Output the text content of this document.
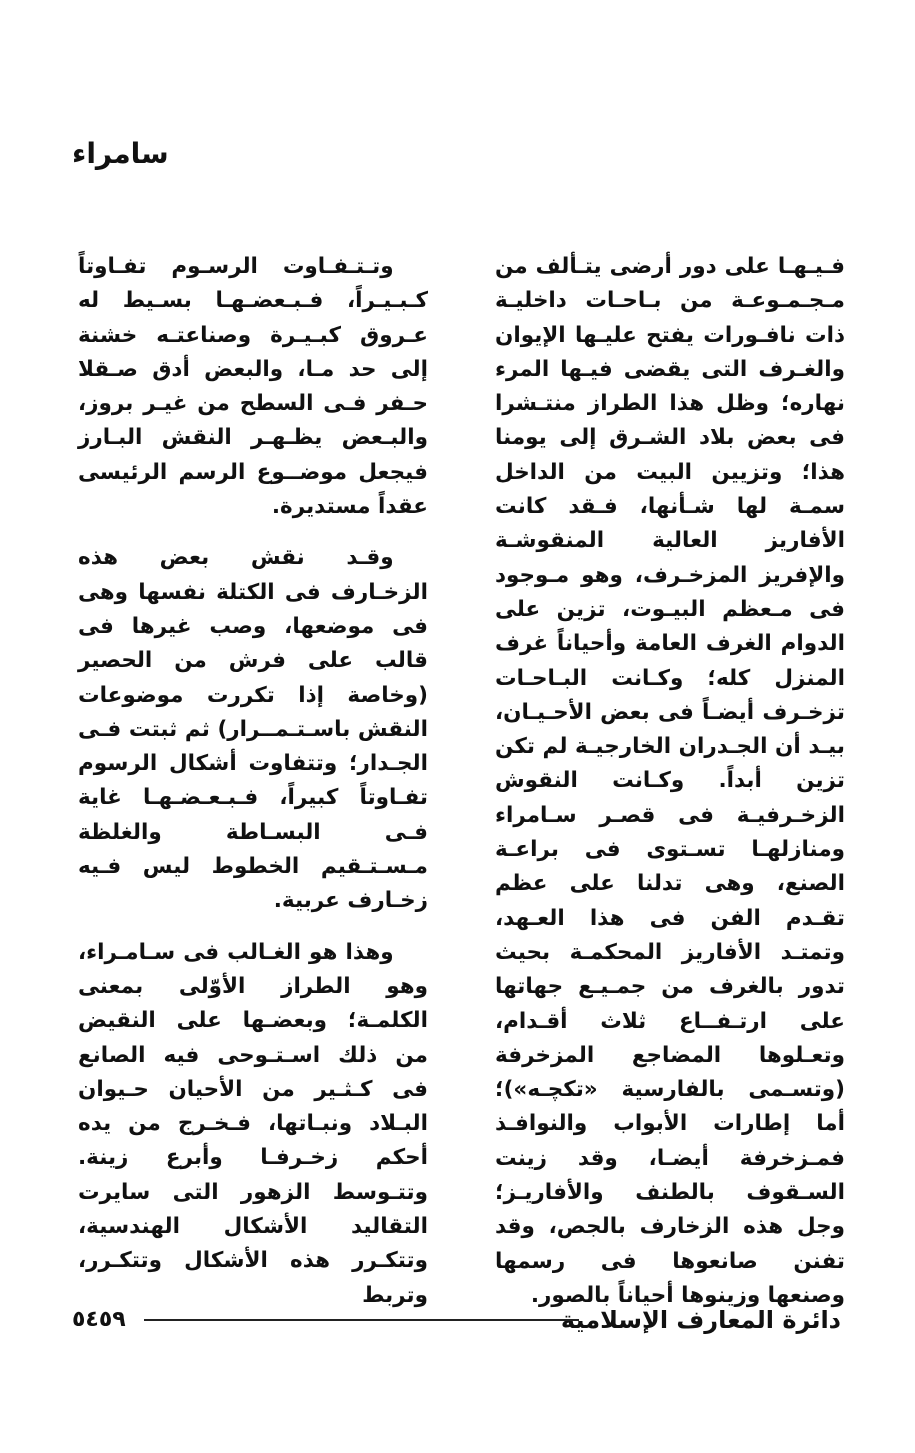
سامراء

فـيـهـا على دور أرضى يتـألف من مـجـمـوعـة من بـاحـات داخليـة ذات نافـورات يفتح عليـها الإيوان والغـرف التى يقضى فيـها المرء نهاره؛ وظل هذا الطراز منتـشرا فى بعض بلاد الشـرق إلى يومنا هذا؛ وتزيين البيت من الداخل سمـة لها شـأنها، فـقد كانت الأفاريز العالية المنقوشـة والإفريز المزخـرف، وهو مـوجود فى مـعظم البيـوت، تزين على الدوام الغرف العامة وأحياناً غرف المنزل كله؛ وكـانت البـاحـات تزخـرف أيضـاً فى بعض الأحـيـان، بيـد أن الجـدران الخارجيـة لم تكن تزين أبداً. وكـانت النقوش الزخـرفيـة فى قصـر سـامراء ومنازلهـا تسـتوى فى براعـة الصنع، وهى تدلنا على عظم تقـدم الفن فى هذا العـهد، وتمتـد الأفاريز المحكمـة بحيث تدور بالغرف من جمـيـع جهاتها على ارتـفــاع ثلاث أقـدام، وتعـلوها المضاجع المزخرفة (وتسـمى بالفارسية «تكچـه»)؛ أما إطارات الأبواب والنوافـذ فمـزخرفة أيضـا، وقد زينت السـقوف بالطنف والأفاريـز؛ وجل هذه الزخارف بالجص، وقد تفنن صانعوها فى رسمها وصنعها وزينوها أحياناً بالصور.

وتـتـفـاوت الرسـوم تفـاوتاً كـبـيـراً، فـبـعضـهـا بسـيط له عـروق كبـيـرة وصناعتـه خشنة إلى حد مـا، والبعض أدق صـقلا حـفر فـى السطح من غيـر بروز، والبـعض يظـهـر النقش البـارز فيجعل موضــوع الرسم الرئيسى عقداً مستديرة.

وقـد نقش بعض هذه الزخـارف فى الكتلة نفسها وهى فى موضعها، وصب غيرها فى قالب على فرش من الحصير (وخاصة إذا تكررت موضوعات النقش باسـتـمــرار) ثم ثبتت فـى الجـدار؛ وتتفاوت أشكال الرسوم تفـاوتاً كبيراً، فـبـعـضـهـا غاية فـى البسـاطة والغلظة مـسـتـقيم الخطوط ليس فـيه زخـارف عربية.

وهذا هو الغـالب فى سـامـراء، وهو الطراز الأوّلى بمعنى الكلمـة؛ وبعضـها على النقيض من ذلك اسـتـوحى فيه الصانع فى كـثـير من الأحيان حـيوان البـلاد ونبـاتها، فـخـرج من يده أحكم زخـرفـا وأبرع زينة. وتتـوسط الزهور التى سايرت التقاليد الأشكال الهندسية، وتتكـرر هذه الأشكال وتتكـرر، وتربط

دائرة المعارف الإسلامية
٥٤٥٩
